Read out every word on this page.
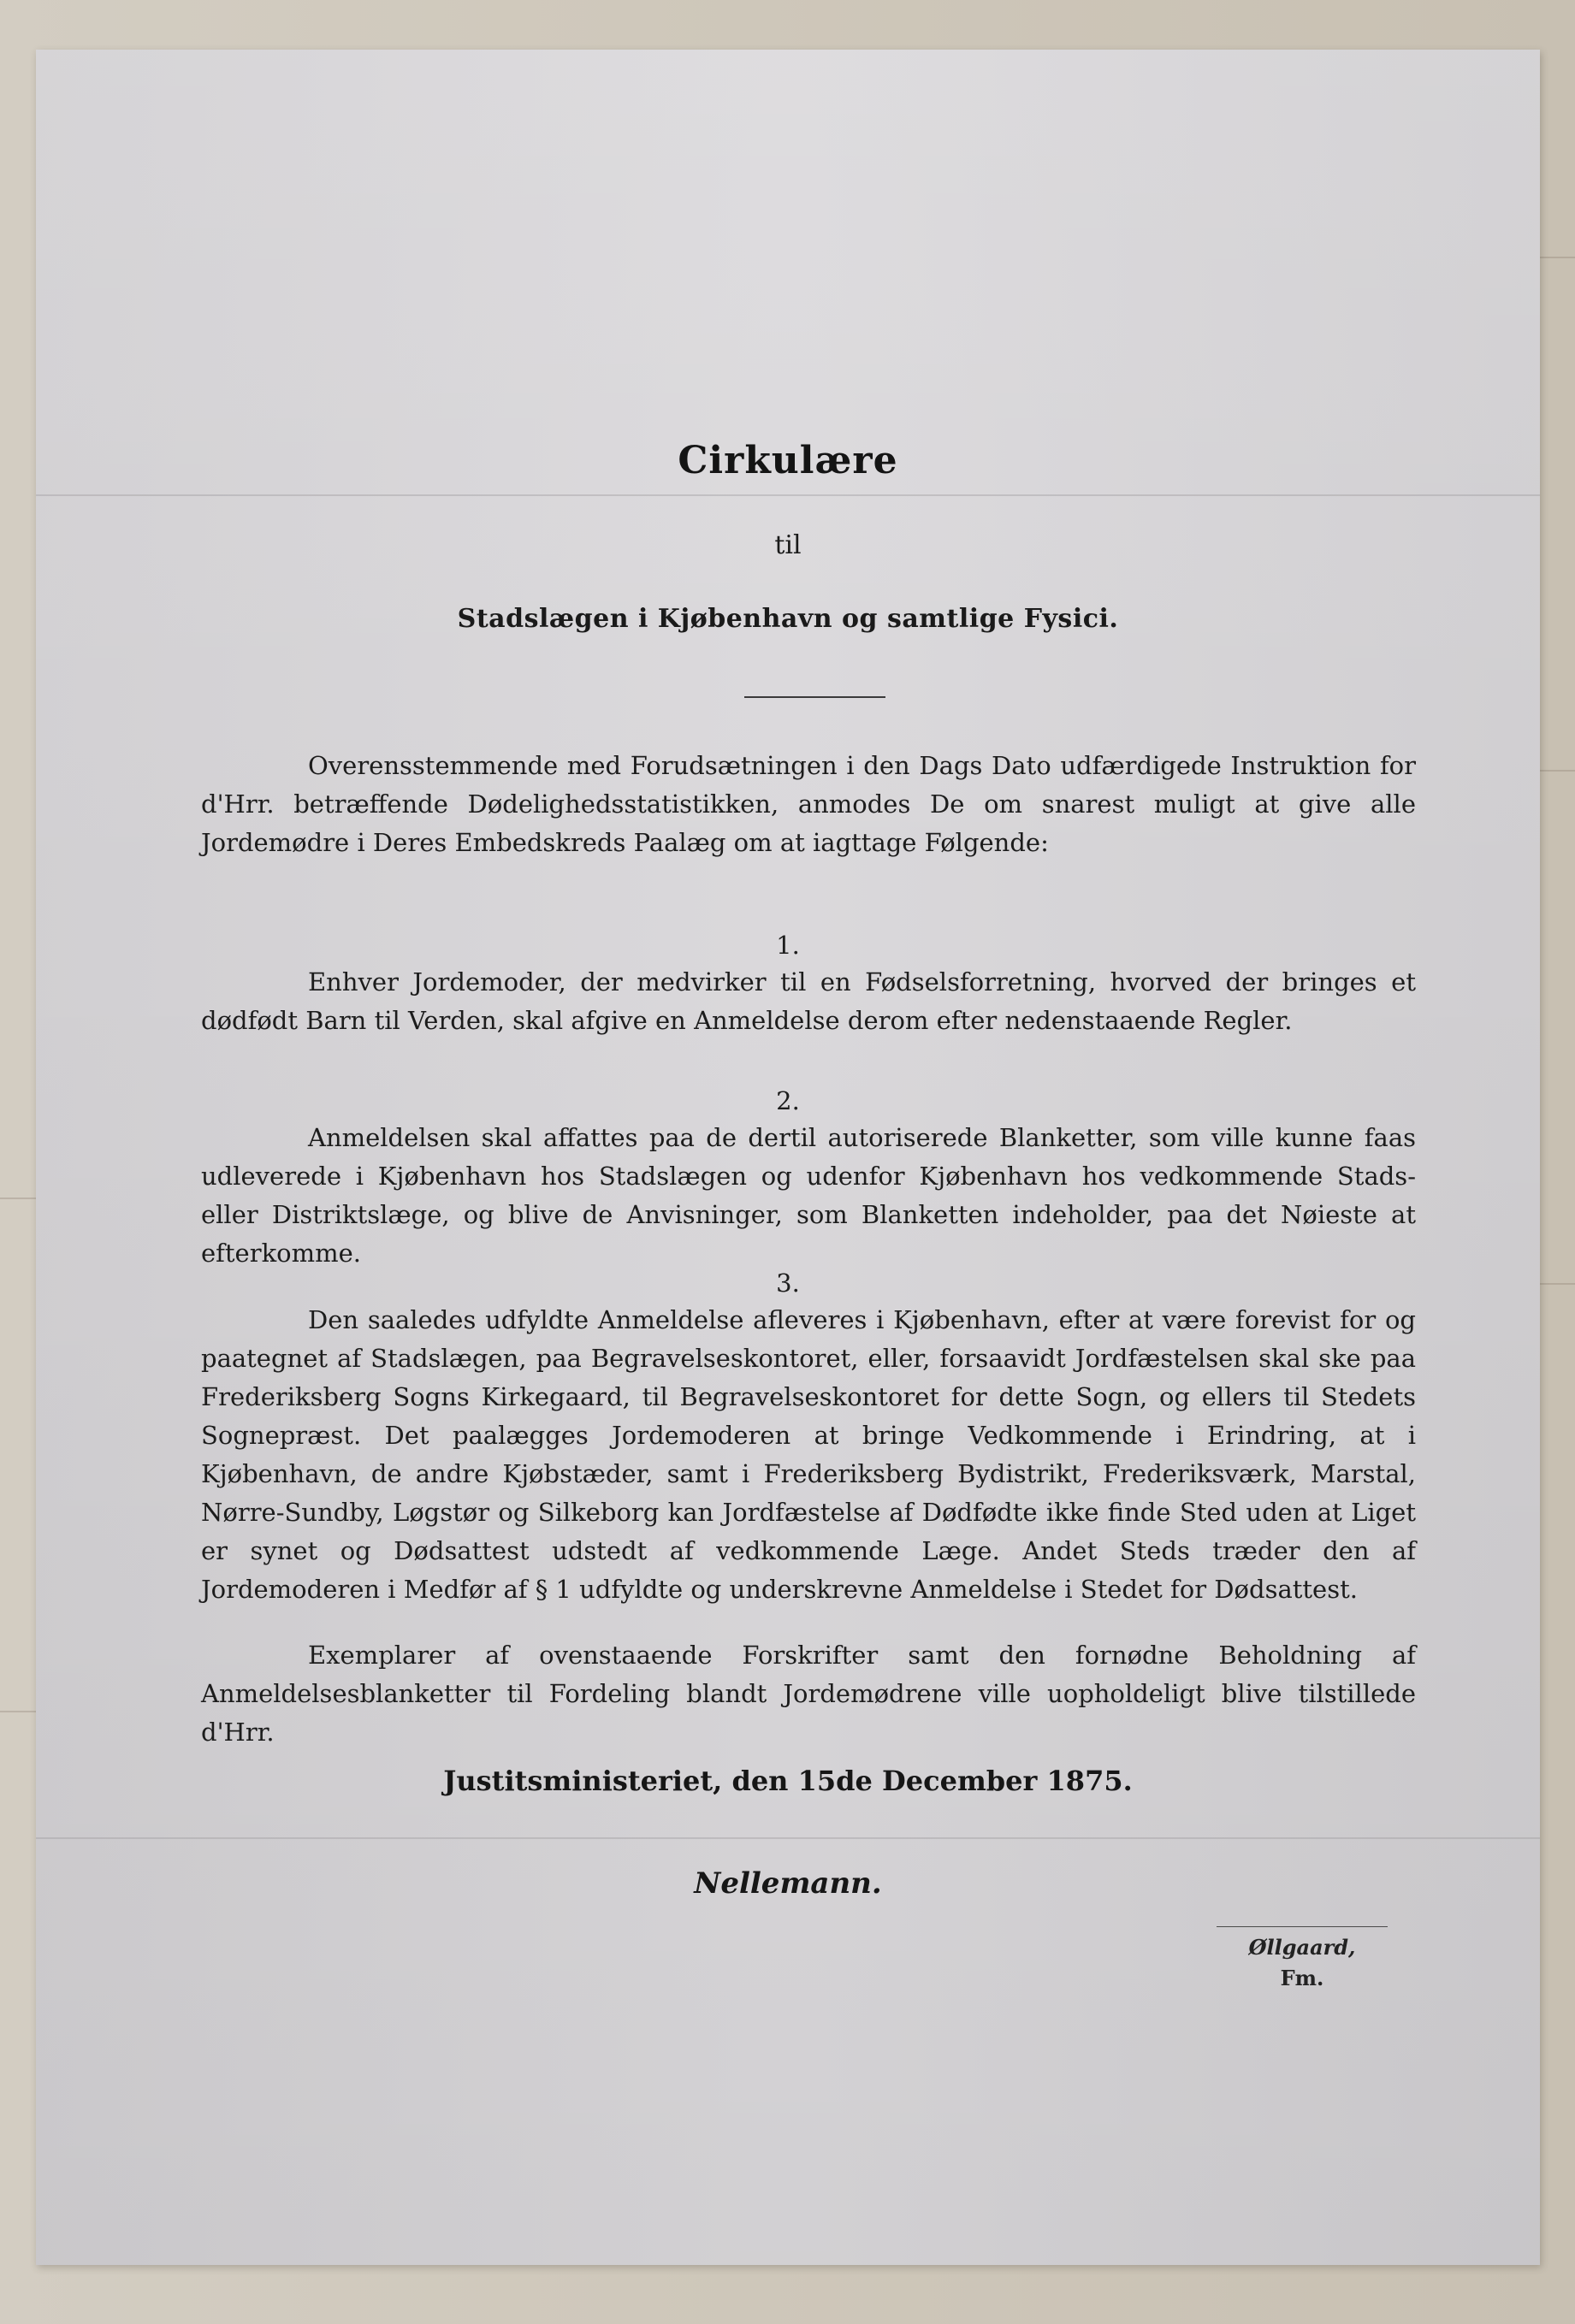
Cirkulære
til
Stadslægen i Kjøbenhavn og samtlige Fysici.

Overensstemmende med Forudsætningen i den Dags Dato udfærdigede Instruktion for d'Hrr. betræffende Dødelighedsstatistikken, anmodes De om snarest muligt at give alle Jordemødre i Deres Embedskreds Paalæg om at iagttage Følgende:

1.

Enhver Jordemoder, der medvirker til en Fødselsforretning, hvorved der bringes et dødfødt Barn til Verden, skal afgive en Anmeldelse derom efter nedenstaaende Regler.

2.

Anmeldelsen skal affattes paa de dertil autoriserede Blanketter, som ville kunne faas udleverede i Kjøbenhavn hos Stadslægen og udenfor Kjøbenhavn hos vedkommende Stads- eller Distriktslæge, og blive de Anvisninger, som Blanketten indeholder, paa det Nøieste at efterkomme.

3.

Den saaledes udfyldte Anmeldelse afleveres i Kjøbenhavn, efter at være forevist for og paategnet af Stadslægen, paa Begravelseskontoret, eller, forsaavidt Jordfæstelsen skal ske paa Frederiksberg Sogns Kirkegaard, til Begravelseskontoret for dette Sogn, og ellers til Stedets Sognepræst. Det paalægges Jordemoderen at bringe Vedkommende i Erindring, at i Kjøbenhavn, de andre Kjøbstæder, samt i Frederiksberg Bydistrikt, Frederiksværk, Marstal, Nørre-Sundby, Løgstør og Silkeborg kan Jordfæstelse af Dødfødte ikke finde Sted uden at Liget er synet og Dødsattest udstedt af vedkommende Læge. Andet Steds træder den af Jordemoderen i Medfør af § 1 udfyldte og underskrevne Anmeldelse i Stedet for Dødsattest.

Exemplarer af ovenstaaende Forskrifter samt den fornødne Beholdning af Anmeldelsesblanketter til Fordeling blandt Jordemødrene ville uopholdeligt blive tilstillede d'Hrr.

Justitsministeriet, den 15de December 1875.
Nellemann.
Øllgaard,
Fm.
